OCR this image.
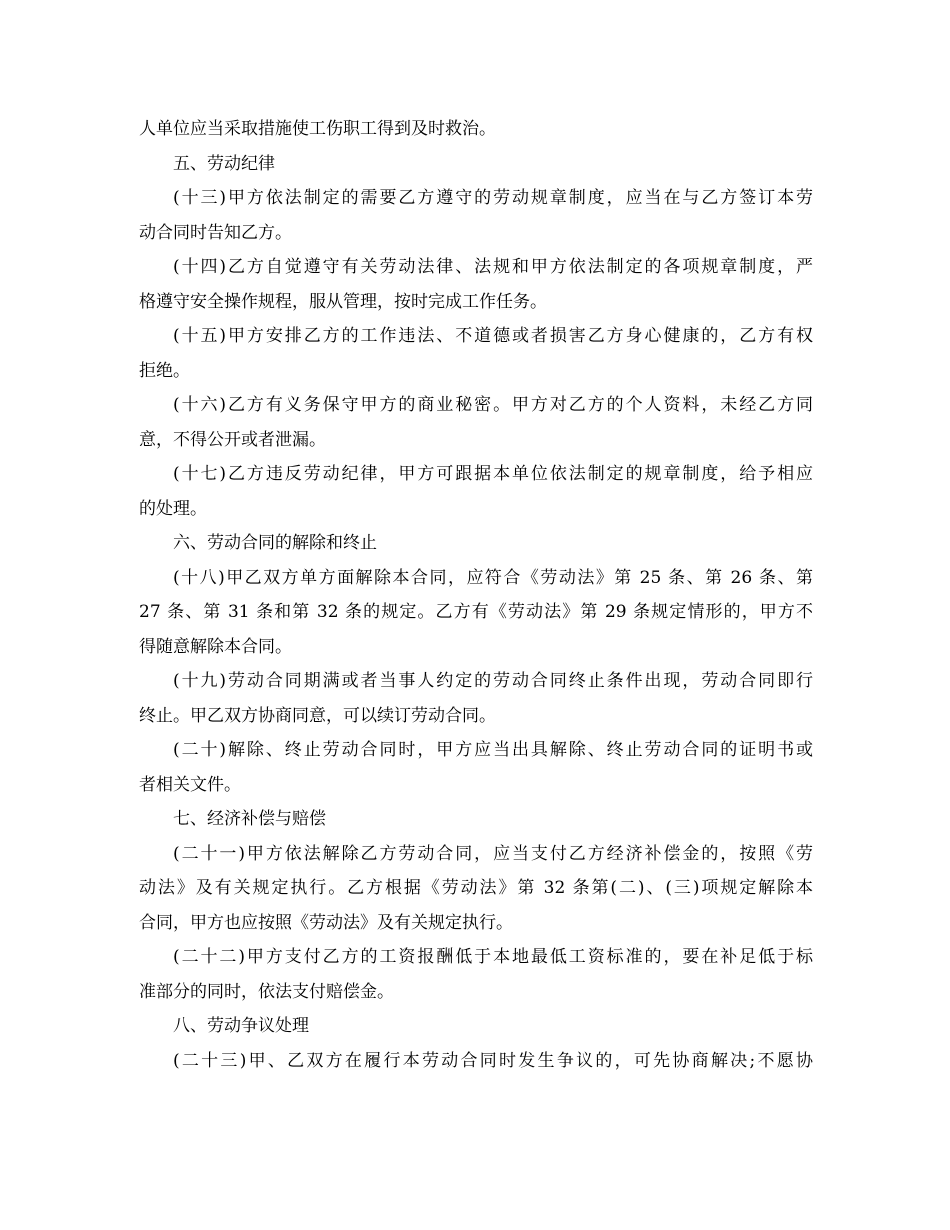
人单位应当采取措施使工伤职工得到及时救治。
五、劳动纪律
(十三)甲方依法制定的需要乙方遵守的劳动规章制度，应当在与乙方签订本劳
动合同时告知乙方。
(十四)乙方自觉遵守有关劳动法律、法规和甲方依法制定的各项规章制度，严
格遵守安全操作规程，服从管理，按时完成工作任务。
(十五)甲方安排乙方的工作违法、不道德或者损害乙方身心健康的，乙方有权
拒绝。
(十六)乙方有义务保守甲方的商业秘密。甲方对乙方的个人资料，未经乙方同
意，不得公开或者泄漏。
(十七)乙方违反劳动纪律，甲方可跟据本单位依法制定的规章制度，给予相应
的处理。
六、劳动合同的解除和终止
(十八)甲乙双方单方面解除本合同，应符合《劳动法》第 25 条、第 26 条、第
27 条、第 31 条和第 32 条的规定。乙方有《劳动法》第 29 条规定情形的，甲方不
得随意解除本合同。
(十九)劳动合同期满或者当事人约定的劳动合同终止条件出现，劳动合同即行
终止。甲乙双方协商同意，可以续订劳动合同。
(二十)解除、终止劳动合同时，甲方应当出具解除、终止劳动合同的证明书或
者相关文件。
七、经济补偿与赔偿
(二十一)甲方依法解除乙方劳动合同，应当支付乙方经济补偿金的，按照《劳
动法》及有关规定执行。乙方根据《劳动法》第 32 条第(二)、(三)项规定解除本
合同，甲方也应按照《劳动法》及有关规定执行。
(二十二)甲方支付乙方的工资报酬低于本地最低工资标准的，要在补足低于标
准部分的同时，依法支付赔偿金。
八、劳动争议处理
(二十三)甲、乙双方在履行本劳动合同时发生争议的，可先协商解决;不愿协
